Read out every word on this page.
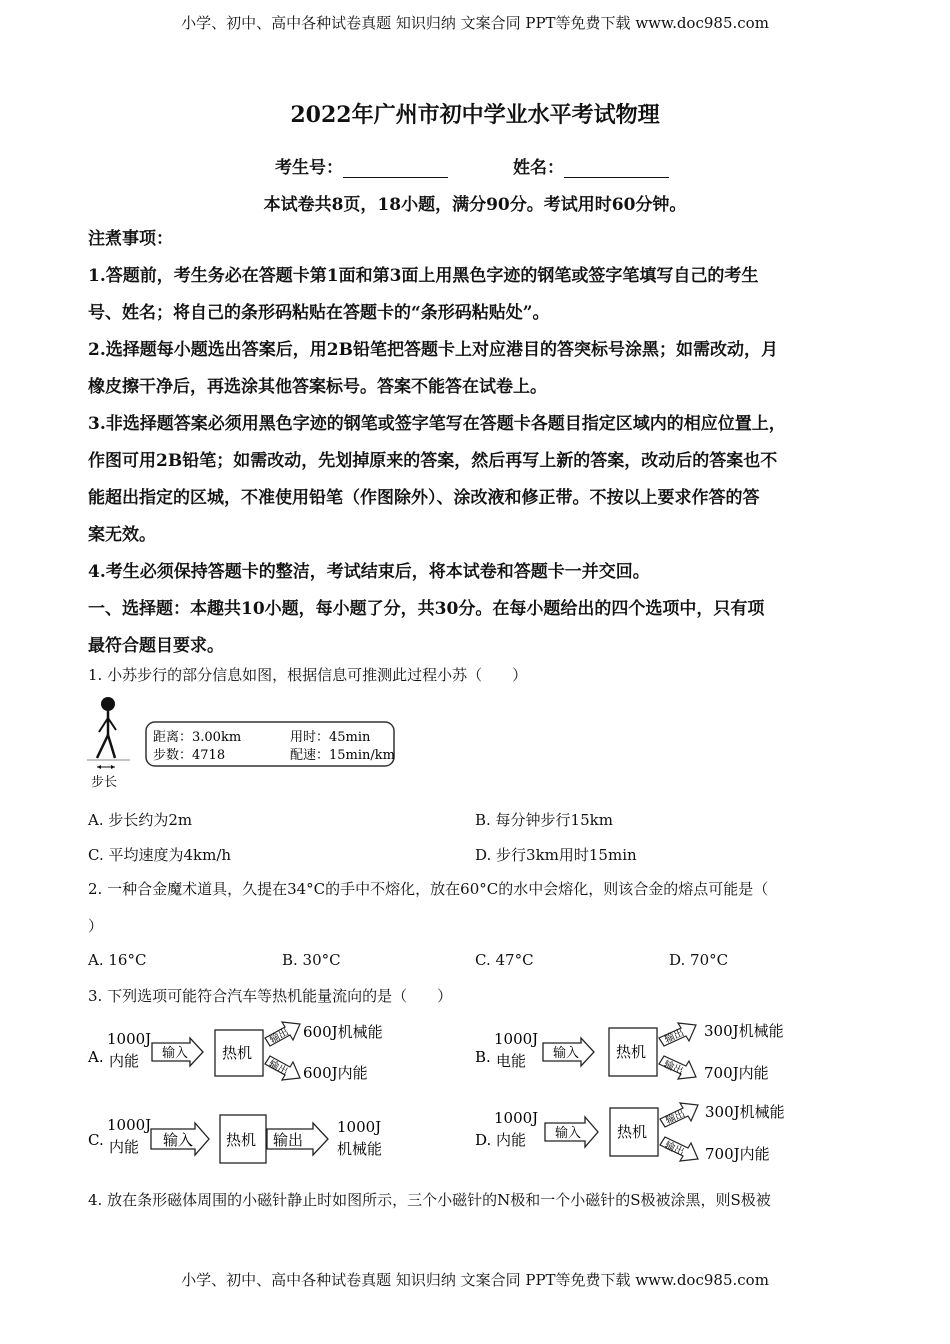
小学、初中、高中各种试卷真题 知识归纳 文案合同 PPT等免费下载 www.doc985.com
小学、初中、高中各种试卷真题 知识归纳 文案合同 PPT等免费下载 www.doc985.com
2022年广州市初中学业水平考试物理
考生号：	姓名：
本试卷共8页，18小题，满分90分。考试用时60分钟。
注煮事项：
1.答题前，考生务必在答题卡第1面和第3面上用黑色字迹的钢笔或签字笔填写自己的考生
号、姓名；将自己的条形码粘贴在答题卡的“条形码粘贴处”。
2.选择题每小题选出答案后，用2B铅笔把答题卡上对应港目的答突标号涂黑；如需改动，月
橡皮擦干净后，再选涂其他答案标号。答案不能答在试卷上。
3.非选择题答案必须用黑色字迹的钢笔或签字笔写在答题卡各题目指定区域内的相应位置上，
作图可用2B铅笔；如需改动，先划掉原来的答案，然后再写上新的答案，改动后的答案也不
能超出指定的区城，不准使用铅笔（作图除外）、涂改液和修正带。不按以上要求作答的答
案无效。
4.考生必须保持答题卡的整洁，考试结束后，将本试卷和答题卡一并交回。
一、选择题：本趣共10小题，每小题了分，共30分。在每小题给出的四个选项中，只有项
最符合题目要求。
1. 小苏步行的部分信息如图，根据信息可推测此过程小苏（　　）
步长
距离：3.00km	用时：45min
步数：4718	配速：15min/km
A. 步长约为2m	B. 每分钟步行15km
C. 平均速度为4km/h	D. 步行3km用时15min
2. 一种合金魔术道具，久提在34°C的手中不熔化，放在60°C的水中会熔化，则该合金的熔点可能是（
）
A. 16°C	B. 30°C	C. 47°C	D. 70°C
3. 下列选项可能符合汽车等热机能量流向的是（　　）
A.
1000J
内能 输入 热机
输出
输出
600J机械能
600J内能
B.
1000J
电能 输入 热机
输出
输出
300J机械能
700J内能
C.
1000J
内能 输入 热机 输出
1000J
机械能	D.
1000J
内能 输入 热机
输出
输出
300J机械能
700J内能
4. 放在条形磁体周围的小磁针静止时如图所示，三个小磁针的N极和一个小磁针的S极被涂黑，则S极被
